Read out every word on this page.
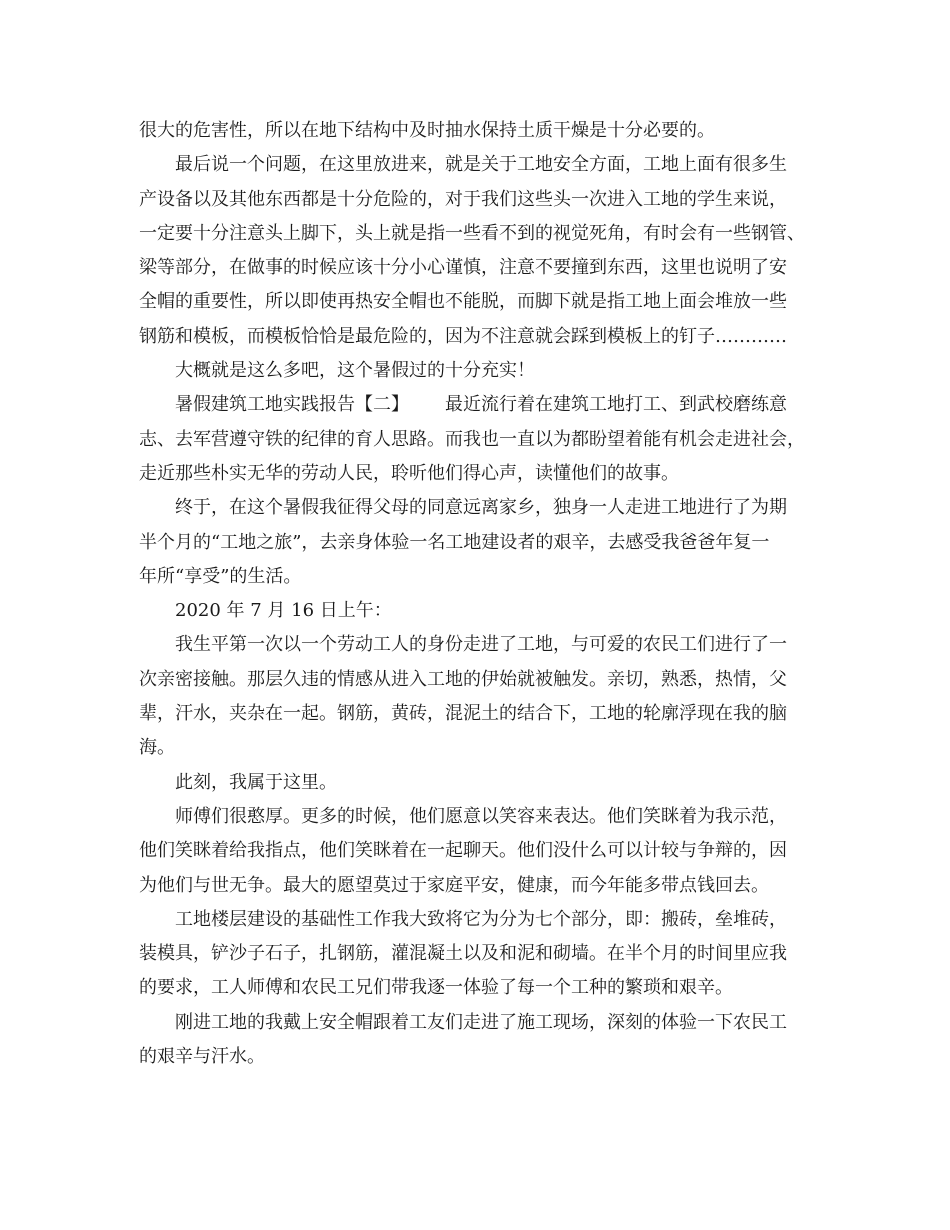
很大的危害性，所以在地下结构中及时抽水保持土质干燥是十分必要的。
最后说一个问题，在这里放进来，就是关于工地安全方面，工地上面有很多生
产设备以及其他东西都是十分危险的，对于我们这些头一次进入工地的学生来说，
一定要十分注意头上脚下，头上就是指一些看不到的视觉死角，有时会有一些钢管、
梁等部分，在做事的时候应该十分小心谨慎，注意不要撞到东西，这里也说明了安
全帽的重要性，所以即使再热安全帽也不能脱，而脚下就是指工地上面会堆放一些
钢筋和模板，而模板恰恰是最危险的，因为不注意就会踩到模板上的钉子…………
大概就是这么多吧，这个暑假过的十分充实！
暑假建筑工地实践报告【二】 最近流行着在建筑工地打工、到武校磨练意
志、去军营遵守铁的纪律的育人思路。而我也一直以为都盼望着能有机会走进社会，
走近那些朴实无华的劳动人民，聆听他们得心声，读懂他们的故事。
终于，在这个暑假我征得父母的同意远离家乡，独身一人走进工地进行了为期
半个月的“工地之旅”，去亲身体验一名工地建设者的艰辛，去感受我爸爸年复一
年所“享受”的生活。
2020 年 7 月 16 日上午：
我生平第一次以一个劳动工人的身份走进了工地，与可爱的农民工们进行了一
次亲密接触。那层久违的情感从进入工地的伊始就被触发。亲切，熟悉，热情，父
辈，汗水，夹杂在一起。钢筋，黄砖，混泥土的结合下，工地的轮廓浮现在我的脑
海。
此刻，我属于这里。
师傅们很憨厚。更多的时候，他们愿意以笑容来表达。他们笑眯着为我示范，
他们笑眯着给我指点，他们笑眯着在一起聊天。他们没什么可以计较与争辩的，因
为他们与世无争。最大的愿望莫过于家庭平安，健康，而今年能多带点钱回去。
工地楼层建设的基础性工作我大致将它为分为七个部分，即：搬砖，垒堆砖，
装模具，铲沙子石子，扎钢筋，灌混凝土以及和泥和砌墙。在半个月的时间里应我
的要求，工人师傅和农民工兄们带我逐一体验了每一个工种的繁琐和艰辛。
刚进工地的我戴上安全帽跟着工友们走进了施工现场，深刻的体验一下农民工
的艰辛与汗水。
